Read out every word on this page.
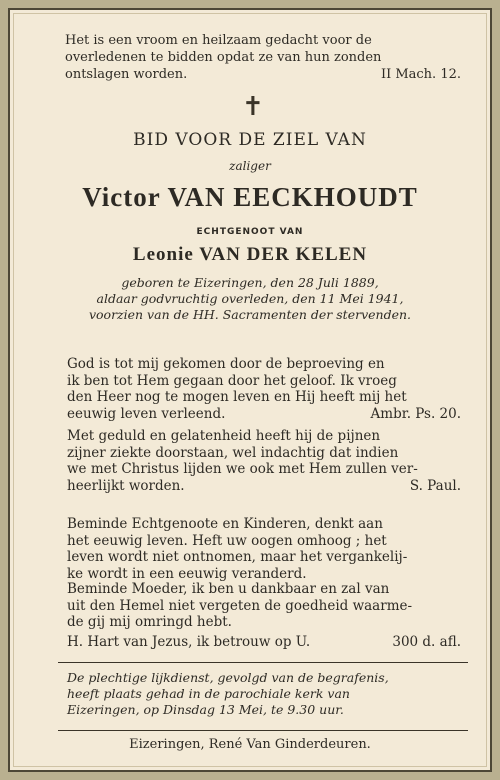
Het is een vroom en heilzaam gedacht voor de
overledenen te bidden opdat ze van hun zonden
ontslagen worden.	II Mach. 12.
✝
BID VOOR DE ZIEL VAN
zaliger
Victor VAN EECKHOUDT
ECHTGENOOT VAN
Leonie VAN DER KELEN
geboren te Eizeringen, den 28 Juli 1889,
aldaar godvruchtig overleden, den 11 Mei 1941,
voorzien van de HH. Sacramenten der stervenden.
God is tot mij gekomen door de beproeving en
ik ben tot Hem gegaan door het geloof. Ik vroeg
den Heer nog te mogen leven en Hij heeft mij het
eeuwig leven verleend.	Ambr. Ps. 20.
Met geduld en gelatenheid heeft hij de pijnen
zijner ziekte doorstaan, wel indachtig dat indien
we met Christus lijden we ook met Hem zullen ver-
heerlijkt worden.	S. Paul.
Beminde Echtgenoote en Kinderen, denkt aan
het eeuwig leven. Heft uw oogen omhoog ; het
leven wordt niet ontnomen, maar het vergankelij-
ke wordt in een eeuwig veranderd.
Beminde Moeder, ik ben u dankbaar en zal van
uit den Hemel niet vergeten de goedheid waarme-
de gij mij omringd hebt.
H. Hart van Jezus, ik betrouw op U.	300 d. afl.
De plechtige lijkdienst, gevolgd van de begrafenis,
heeft plaats gehad in de parochiale kerk van
Eizeringen, op Dinsdag 13 Mei, te 9.30 uur.
Eizeringen, René Van Ginderdeuren.
